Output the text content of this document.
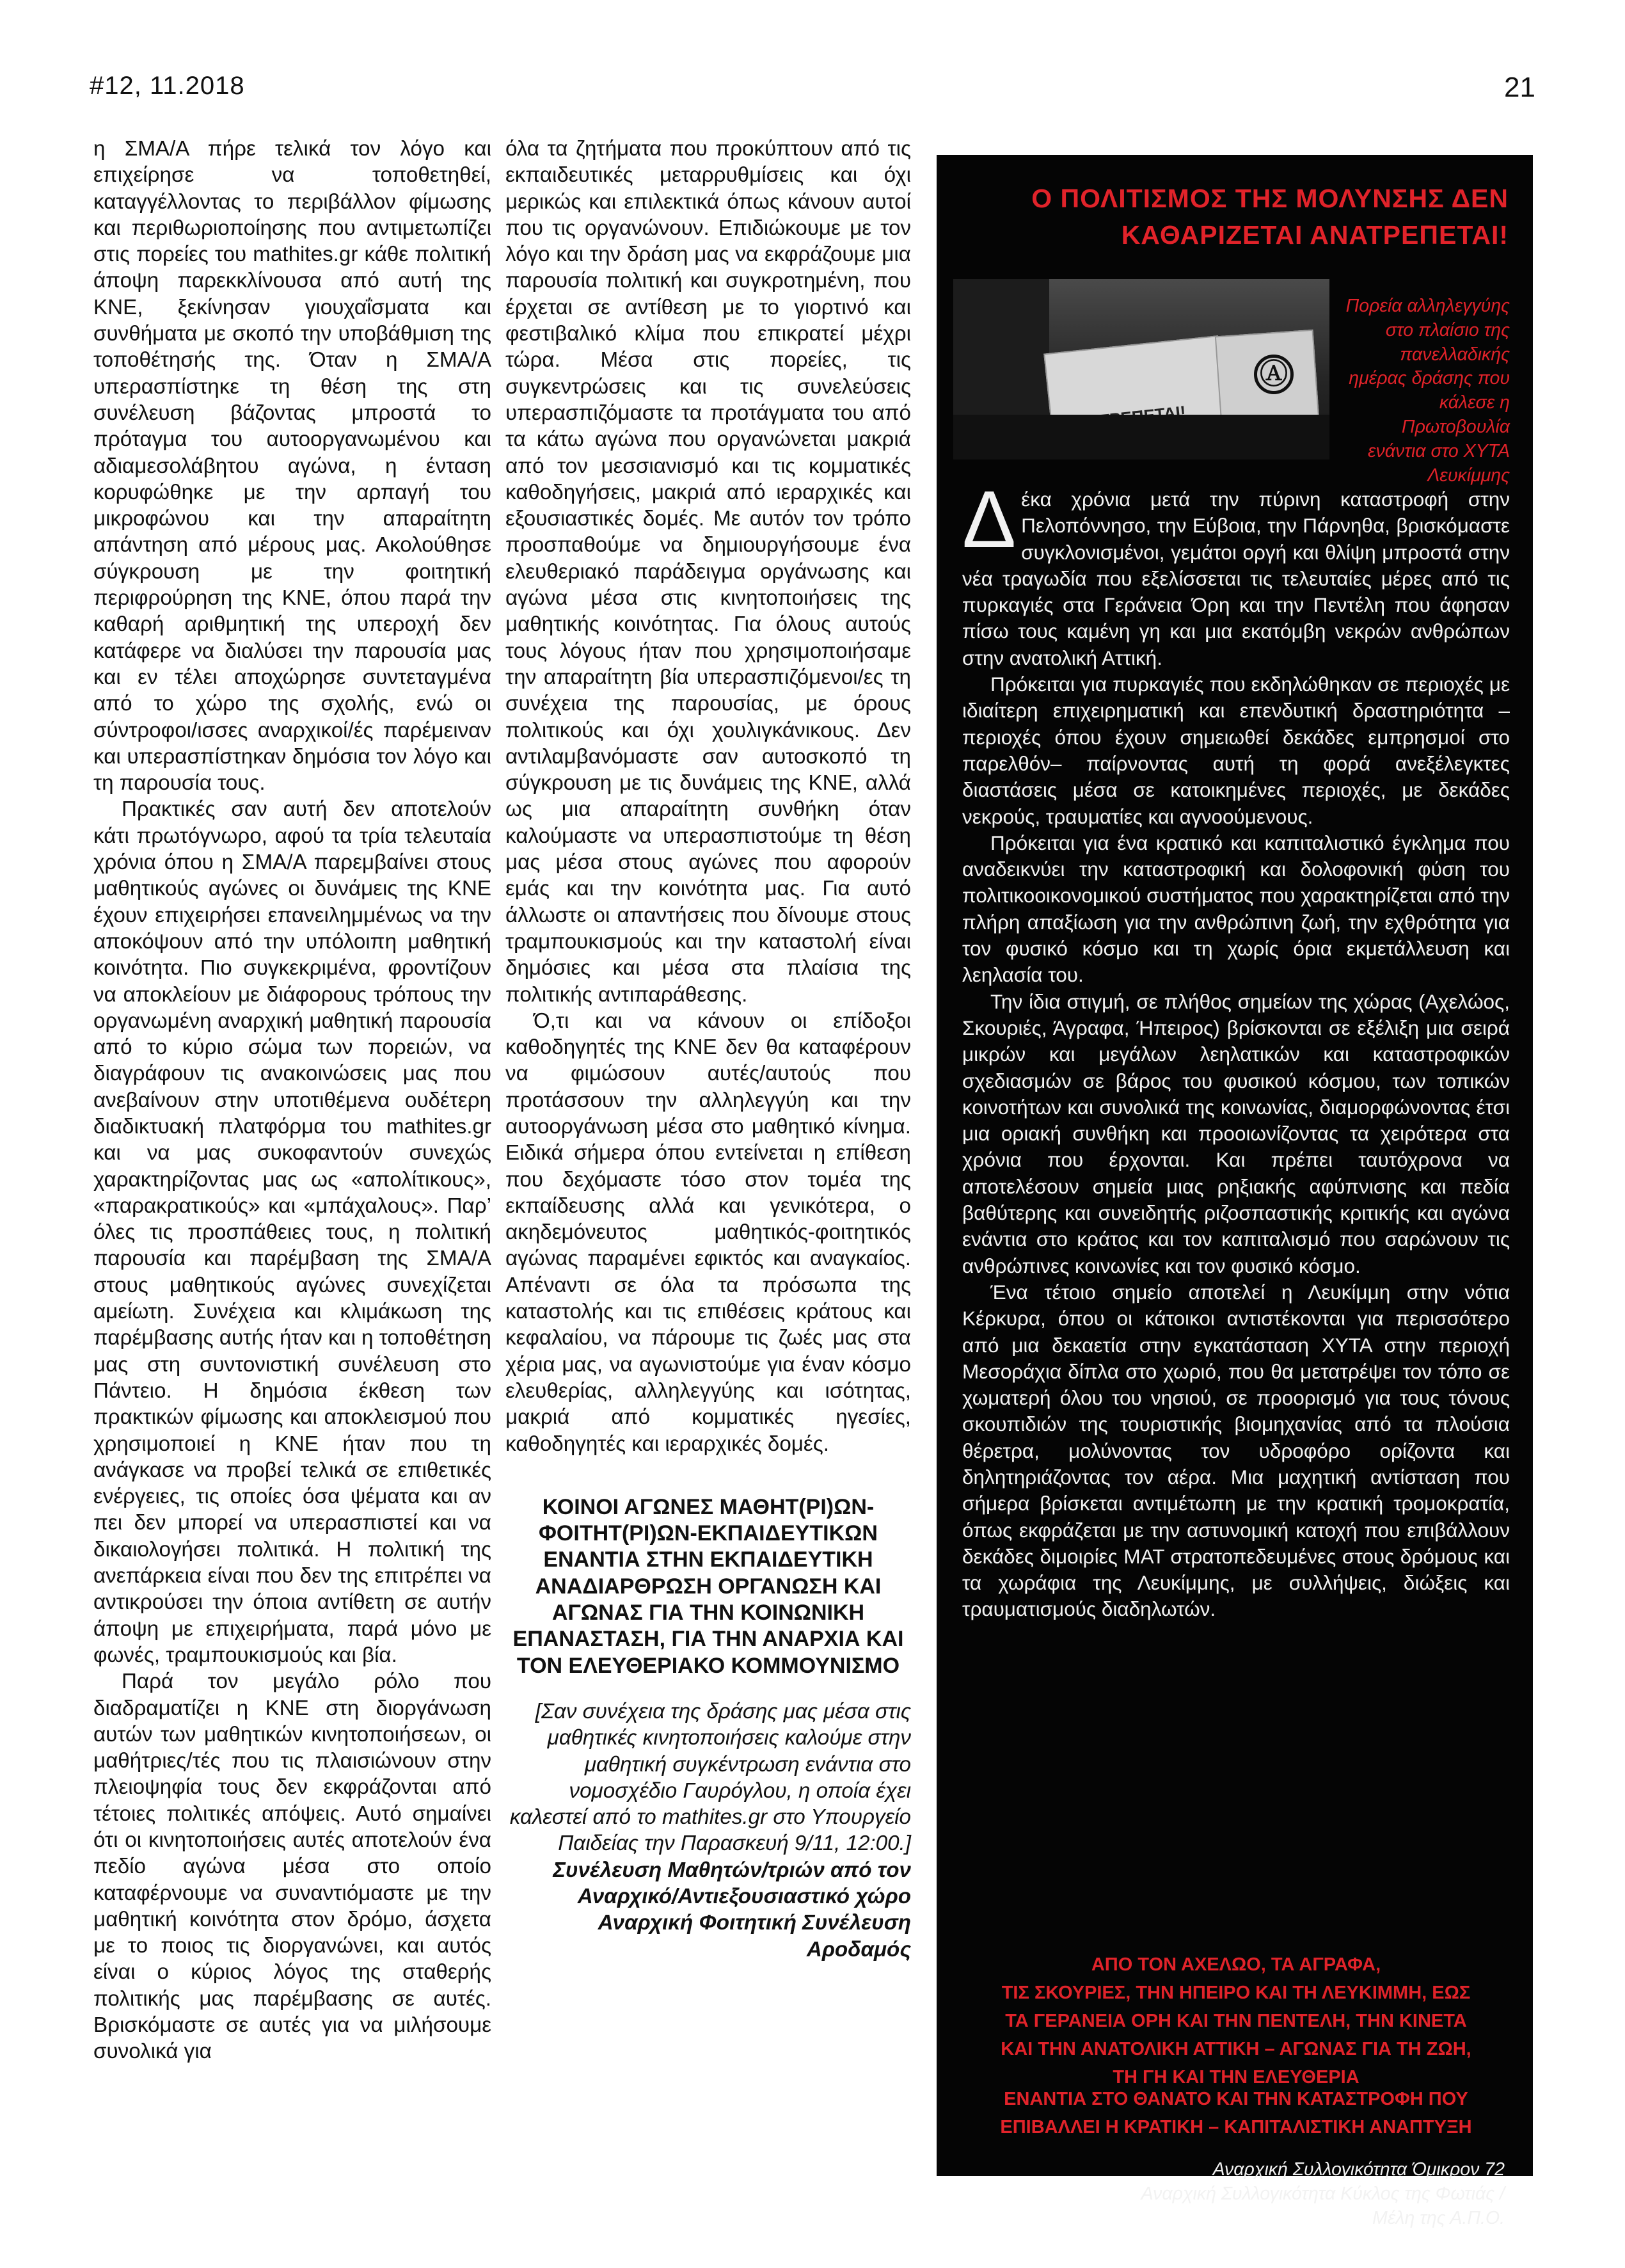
#12, 11.2018	21

η ΣΜΑ/Α πήρε τελικά τον λόγο και επιχείρησε να τοποθετηθεί, καταγγέλλοντας το περιβάλλον φίμωσης και περιθωριοποίησης που αντιμετωπίζει στις πορείες του mathites.gr κάθε πολιτική άποψη παρεκκλίνουσα από αυτή της ΚΝΕ, ξεκίνησαν γιουχαΐσματα και συνθήματα με σκοπό την υποβάθμιση της τοποθέτησής της. Όταν η ΣΜΑ/Α υπερασπίστηκε τη θέση της στη συνέλευση βάζοντας μπροστά το πρόταγμα του αυτοοργανωμένου και αδιαμεσολάβητου αγώνα, η ένταση κορυφώθηκε με την αρπαγή του μικροφώνου και την απαραίτητη απάντηση από μέρους μας. Ακολούθησε σύγκρουση με την φοιτητική περιφρούρηση της ΚΝΕ, όπου παρά την καθαρή αριθμητική της υπεροχή δεν κατάφερε να διαλύσει την παρουσία μας και εν τέλει αποχώρησε συντεταγμένα από το χώρο της σχολής, ενώ οι σύντροφοι/ισσες αναρχικοί/ές παρέμειναν και υπερασπίστηκαν δημόσια τον λόγο και τη παρουσία τους.

Πρακτικές σαν αυτή δεν αποτελούν κάτι πρωτόγνωρο, αφού τα τρία τελευταία χρόνια όπου η ΣΜΑ/Α παρεμβαίνει στους μαθητικούς αγώνες οι δυνάμεις της ΚΝΕ έχουν επιχειρήσει επανειλημμένως να την αποκόψουν από την υπόλοιπη μαθητική κοινότητα. Πιο συγκεκριμένα, φροντίζουν να αποκλείουν με διάφορους τρόπους την οργανωμένη αναρχική μαθητική παρουσία από το κύριο σώμα των πορειών, να διαγράφουν τις ανακοινώσεις μας που ανεβαίνουν στην υποτιθέμενα ουδέτερη διαδικτυακή πλατφόρμα του mathites.gr και να μας συκοφαντούν συνεχώς χαρακτηρίζοντας μας ως «απολίτικους», «παρακρατικούς» και «μπάχαλους». Παρ’ όλες τις προσπάθειες τους, η πολιτική παρουσία και παρέμβαση της ΣΜΑ/Α στους μαθητικούς αγώνες συνεχίζεται αμείωτη. Συνέχεια και κλιμάκωση της παρέμβασης αυτής ήταν και η τοποθέτηση μας στη συντονιστική συνέλευση στο Πάντειο. Η δημόσια έκθεση των πρακτικών φίμωσης και αποκλεισμού που χρησιμοποιεί η ΚΝΕ ήταν που τη ανάγκασε να προβεί τελικά σε επιθετικές ενέργειες, τις οποίες όσα ψέματα και αν πει δεν μπορεί να υπερασπιστεί και να δικαιολογήσει πολιτικά. Η πολιτική της ανεπάρκεια είναι που δεν της επιτρέπει να αντικρούσει την όποια αντίθετη σε αυτήν άποψη με επιχειρήματα, παρά μόνο με φωνές, τραμπουκισμούς και βία.

Παρά τον μεγάλο ρόλο που διαδραματίζει η ΚΝΕ στη διοργάνωση αυτών των μαθητικών κινητοποιήσεων, οι μαθήτριες/τές που τις πλαισιώνουν στην πλειοψηφία τους δεν εκφράζονται από τέτοιες πολιτικές απόψεις. Αυτό σημαίνει ότι οι κινητοποιήσεις αυτές αποτελούν ένα πεδίο αγώνα μέσα στο οποίο καταφέρνουμε να συναντιόμαστε με την μαθητική κοινότητα στον δρόμο, άσχετα με το ποιος τις διοργανώνει, και αυτός είναι ο κύριος λόγος της σταθερής πολιτικής μας παρέμβασης σε αυτές. Βρισκόμαστε σε αυτές για να μιλήσουμε συνολικά για

όλα τα ζητήματα που προκύπτουν από τις εκπαιδευτικές μεταρρυθμίσεις και όχι μερικώς και επιλεκτικά όπως κάνουν αυτοί που τις οργανώνουν. Επιδιώκουμε με τον λόγο και την δράση μας να εκφράζουμε μια παρουσία πολιτική και συγκροτημένη, που έρχεται σε αντίθεση με το γιορτινό και φεστιβαλικό κλίμα που επικρατεί μέχρι τώρα. Μέσα στις πορείες, τις συγκεντρώσεις και τις συνελεύσεις υπερασπιζόμαστε τα προτάγματα του από τα κάτω αγώνα που οργανώνεται μακριά από τον μεσσιανισμό και τις κομματικές καθοδηγήσεις, μακριά από ιεραρχικές και εξουσιαστικές δομές. Με αυτόν τον τρόπο προσπαθούμε να δημιουργήσουμε ένα ελευθεριακό παράδειγμα οργάνωσης και αγώνα μέσα στις κινητοποιήσεις της μαθητικής κοινότητας. Για όλους αυτούς τους λόγους ήταν που χρησιμοποιήσαμε την απαραίτητη βία υπερασπιζόμενοι/ες τη συνέχεια της παρουσίας, με όρους πολιτικούς και όχι χουλιγκάνικους. Δεν αντιλαμβανόμαστε σαν αυτοσκοπό τη σύγκρουση με τις δυνάμεις της ΚΝΕ, αλλά ως μια απαραίτητη συνθήκη όταν καλούμαστε να υπερασπιστούμε τη θέση μας μέσα στους αγώνες που αφορούν εμάς και την κοινότητα μας. Για αυτό άλλωστε οι απαντήσεις που δίνουμε στους τραμπουκισμούς και την καταστολή είναι δημόσιες και μέσα στα πλαίσια της πολιτικής αντιπαράθεσης.

Ό,τι και να κάνουν οι επίδοξοι καθοδηγητές της ΚΝΕ δεν θα καταφέρουν να φιμώσουν αυτές/αυτούς που προτάσσουν την αλληλεγγύη και την αυτοοργάνωση μέσα στο μαθητικό κίνημα. Ειδικά σήμερα όπου εντείνεται η επίθεση που δεχόμαστε τόσο στον τομέα της εκπαίδευσης αλλά και γενικότερα, ο ακηδεμόνευτος μαθητικός-φοιτητικός αγώνας παραμένει εφικτός και αναγκαίος. Απέναντι σε όλα τα πρόσωπα της καταστολής και τις επιθέσεις κράτους και κεφαλαίου, να πάρουμε τις ζωές μας στα χέρια μας, να αγωνιστούμε για έναν κόσμο ελευθερίας, αλληλεγγύης και ισότητας, μακριά από κομματικές ηγεσίες, καθοδηγητές και ιεραρχικές δομές.

ΚΟΙΝΟΙ ΑΓΩΝΕΣ ΜΑΘΗΤ(ΡΙ)ΩΝ-ΦΟΙΤΗΤ(ΡΙ)ΩΝ-ΕΚΠΑΙΔΕΥΤΙΚΩΝ ΕΝΑΝΤΙΑ ΣΤΗΝ ΕΚΠΑΙΔΕΥΤΙΚΗ ΑΝΑΔΙΑΡΘΡΩΣΗ ΟΡΓΑΝΩΣΗ ΚΑΙ ΑΓΩΝΑΣ ΓΙΑ ΤΗΝ ΚΟΙΝΩΝΙΚΗ ΕΠΑΝΑΣΤΑΣΗ, ΓΙΑ ΤΗΝ ΑΝΑΡΧΙΑ ΚΑΙ ΤΟΝ ΕΛΕΥΘΕΡΙΑΚΟ ΚΟΜΜΟΥΝΙΣΜΟ

[Σαν συνέχεια της δράσης μας μέσα στις μαθητικές κινητοποιήσεις καλούμε στην μαθητική συγκέντρωση ενάντια στο νομοσχέδιο Γαυρόγλου, η οποία έχει καλεστεί από το mathites.gr στο Υπουργείο Παιδείας την Παρασκευή 9/11, 12:00.]

Συνέλευση Μαθητών/τριών από τον Αναρχικό/Αντιεξουσιαστικό χώρο Αναρχική Φοιτητική Συνέλευση Αροδαμός

Ο ΠΟΛΙΤΙΣΜΟΣ ΤΗΣ ΜΟΛΥΝΣΗΣ ΔΕΝ ΚΑΘΑΡΙΖΕΤΑΙ ΑΝΑΤΡΕΠΕΤΑΙ!
Ⓐ
Πορεία αλληλεγγύης στο πλαίσιο της πανελλαδικής ημέρας δράσης που κάλεσε η Πρωτοβουλία ενάντια στο ΧΥΤΑ Λευκίμμης

Δέκα χρόνια μετά την πύρινη καταστροφή στην Πελοπόννησο, την Εύβοια, την Πάρνηθα, βρισκόμαστε συγκλονισμένοι, γεμάτοι οργή και θλίψη μπροστά στην νέα τραγωδία που εξελίσσεται τις τελευταίες μέρες από τις πυρκαγιές στα Γεράνεια Όρη και την Πεντέλη που άφησαν πίσω τους καμένη γη και μια εκατόμβη νεκρών ανθρώπων στην ανατολική Αττική.

Πρόκειται για πυρκαγιές που εκδηλώθηκαν σε περιοχές με ιδιαίτερη επιχειρηματική και επενδυτική δραστηριότητα –περιοχές όπου έχουν σημειωθεί δεκάδες εμπρησμοί στο παρελθόν– παίρνοντας αυτή τη φορά ανεξέλεγκτες διαστάσεις μέσα σε κατοικημένες περιοχές, με δεκάδες νεκρούς, τραυματίες και αγνοούμενους.

Πρόκειται για ένα κρατικό και καπιταλιστικό έγκλημα που αναδεικνύει την καταστροφική και δολοφονική φύση του πολιτικοοικονομικού συστήματος που χαρακτηρίζεται από την πλήρη απαξίωση για την ανθρώπινη ζωή, την εχθρότητα για τον φυσικό κόσμο και τη χωρίς όρια εκμετάλλευση και λεηλασία του.

Την ίδια στιγμή, σε πλήθος σημείων της χώρας (Αχελώος, Σκουριές, Άγραφα, Ήπειρος) βρίσκονται σε εξέλιξη μια σειρά μικρών και μεγάλων λεηλατικών και καταστροφικών σχεδιασμών σε βάρος του φυσικού κόσμου, των τοπικών κοινοτήτων και συνολικά της κοινωνίας, διαμορφώνοντας έτσι μια οριακή συνθήκη και προοιωνίζοντας τα χειρότερα στα χρόνια που έρχονται. Και πρέπει ταυτόχρονα να αποτελέσουν σημεία μιας ρηξιακής αφύπνισης και πεδία βαθύτερης και συνειδητής ριζοσπαστικής κριτικής και αγώνα ενάντια στο κράτος και τον καπιταλισμό που σαρώνουν τις ανθρώπινες κοινωνίες και τον φυσικό κόσμο.

Ένα τέτοιο σημείο αποτελεί η Λευκίμμη στην νότια Κέρκυρα, όπου οι κάτοικοι αντιστέκονται για περισσότερο από μια δεκαετία στην εγκατάσταση ΧΥΤΑ στην περιοχή Μεσοράχια δίπλα στο χωριό, που θα μετατρέψει τον τόπο σε χωματερή όλου του νησιού, σε προορισμό για τους τόνους σκουπιδιών της τουριστικής βιομηχανίας από τα πλούσια θέρετρα, μολύνοντας τον υδροφόρο ορίζοντα και δηλητηριάζοντας τον αέρα. Μια μαχητική αντίσταση που σήμερα βρίσκεται αντιμέτωπη με την κρατική τρομοκρατία, όπως εκφράζεται με την αστυνομική κατοχή που επιβάλλουν δεκάδες διμοιρίες ΜΑΤ στρατοπεδευμένες στους δρόμους και τα χωράφια της Λευκίμμης, με συλλήψεις, διώξεις και τραυματισμούς διαδηλωτών.

ΑΠΟ ΤΟΝ ΑΧΕΛΩΟ, ΤΑ ΑΓΡΑΦΑ,
ΤΙΣ ΣΚΟΥΡΙΕΣ, ΤΗΝ ΗΠΕΙΡΟ ΚΑΙ ΤΗ ΛΕΥΚΙΜΜΗ, ΕΩΣ
ΤΑ ΓΕΡΑΝΕΙΑ ΟΡΗ ΚΑΙ ΤΗΝ ΠΕΝΤΕΛΗ, ΤΗΝ ΚΙΝΕΤΑ
ΚΑΙ ΤΗΝ ΑΝΑΤΟΛΙΚΗ ΑΤΤΙΚΗ – ΑΓΩΝΑΣ ΓΙΑ ΤΗ ΖΩΗ,
ΤΗ ΓΗ ΚΑΙ ΤΗΝ ΕΛΕΥΘΕΡΙΑ
ΕΝΑΝΤΙΑ ΣΤΟ ΘΑΝΑΤΟ ΚΑΙ ΤΗΝ ΚΑΤΑΣΤΡΟΦΗ ΠΟΥ
ΕΠΙΒΑΛΛΕΙ Η ΚΡΑΤΙΚΗ – ΚΑΠΙΤΑΛΙΣΤΙΚΗ ΑΝΑΠΤΥΞΗ
Αναρχική Συλλογικότητα Όμικρον 72
Αναρχική Συλλογικότητα Κύκλος της Φωτιάς /
Μέλη της Α.Π.Ο.
